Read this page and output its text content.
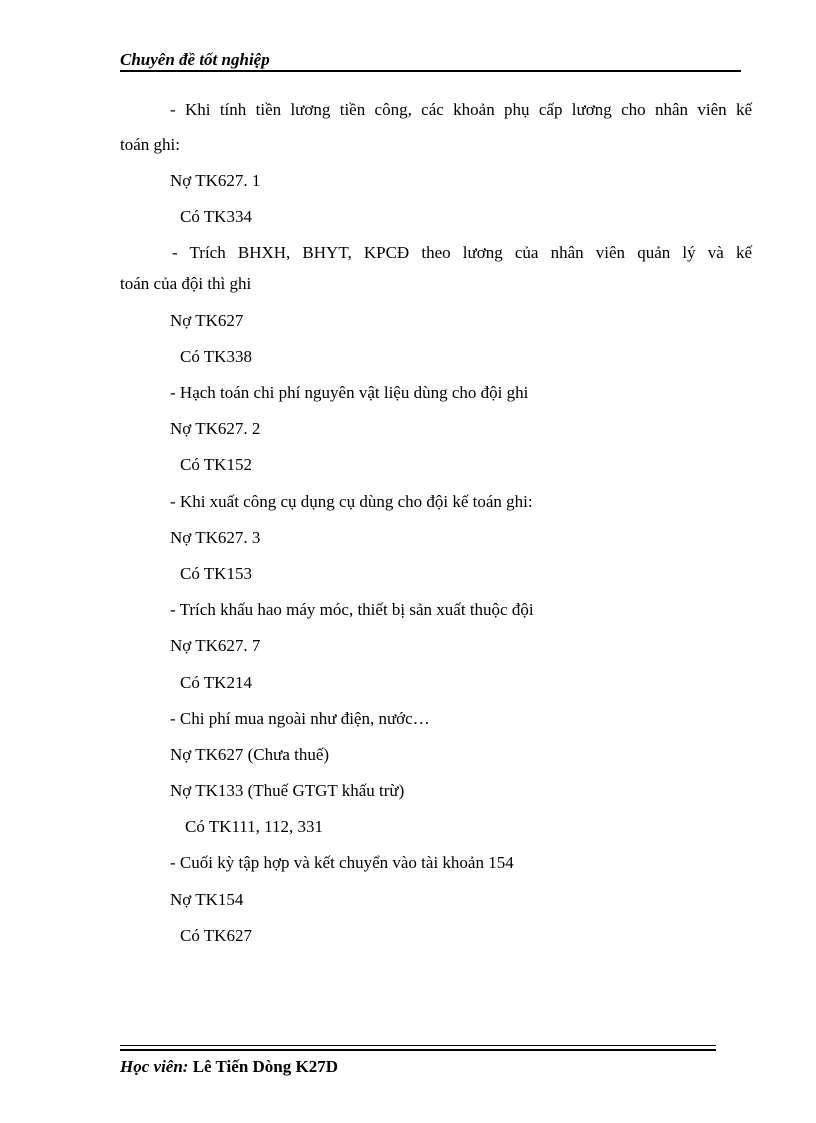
Chuyên đề tốt nghiệp
- Khi tính tiền lương tiền công, các khoản phụ cấp lương cho nhân viên kế
toán ghi:
Nợ TK627. 1
Có TK334
- Trích BHXH, BHYT, KPCĐ theo lương của nhân viên quản lý và kế
toán của đội thì ghi
Nợ TK627
Có TK338
- Hạch toán chi phí nguyên vật liệu dùng cho đội ghi
Nợ TK627. 2
Có TK152
- Khi xuất công cụ dụng cụ dùng cho đội kế toán ghi:
Nợ TK627. 3
Có TK153
- Trích khấu hao máy móc, thiết bị sản xuất thuộc đội
Nợ TK627. 7
Có TK214
- Chi phí mua ngoài như điện, nước…
Nợ TK627 (Chưa thuế)
Nợ TK133 (Thuế GTGT khấu trừ)
Có TK111, 112, 331
- Cuối kỳ tập hợp và kết chuyển vào tài khoản 154
Nợ TK154
Có TK627
Học viên: Lê Tiến Dòng K27D
